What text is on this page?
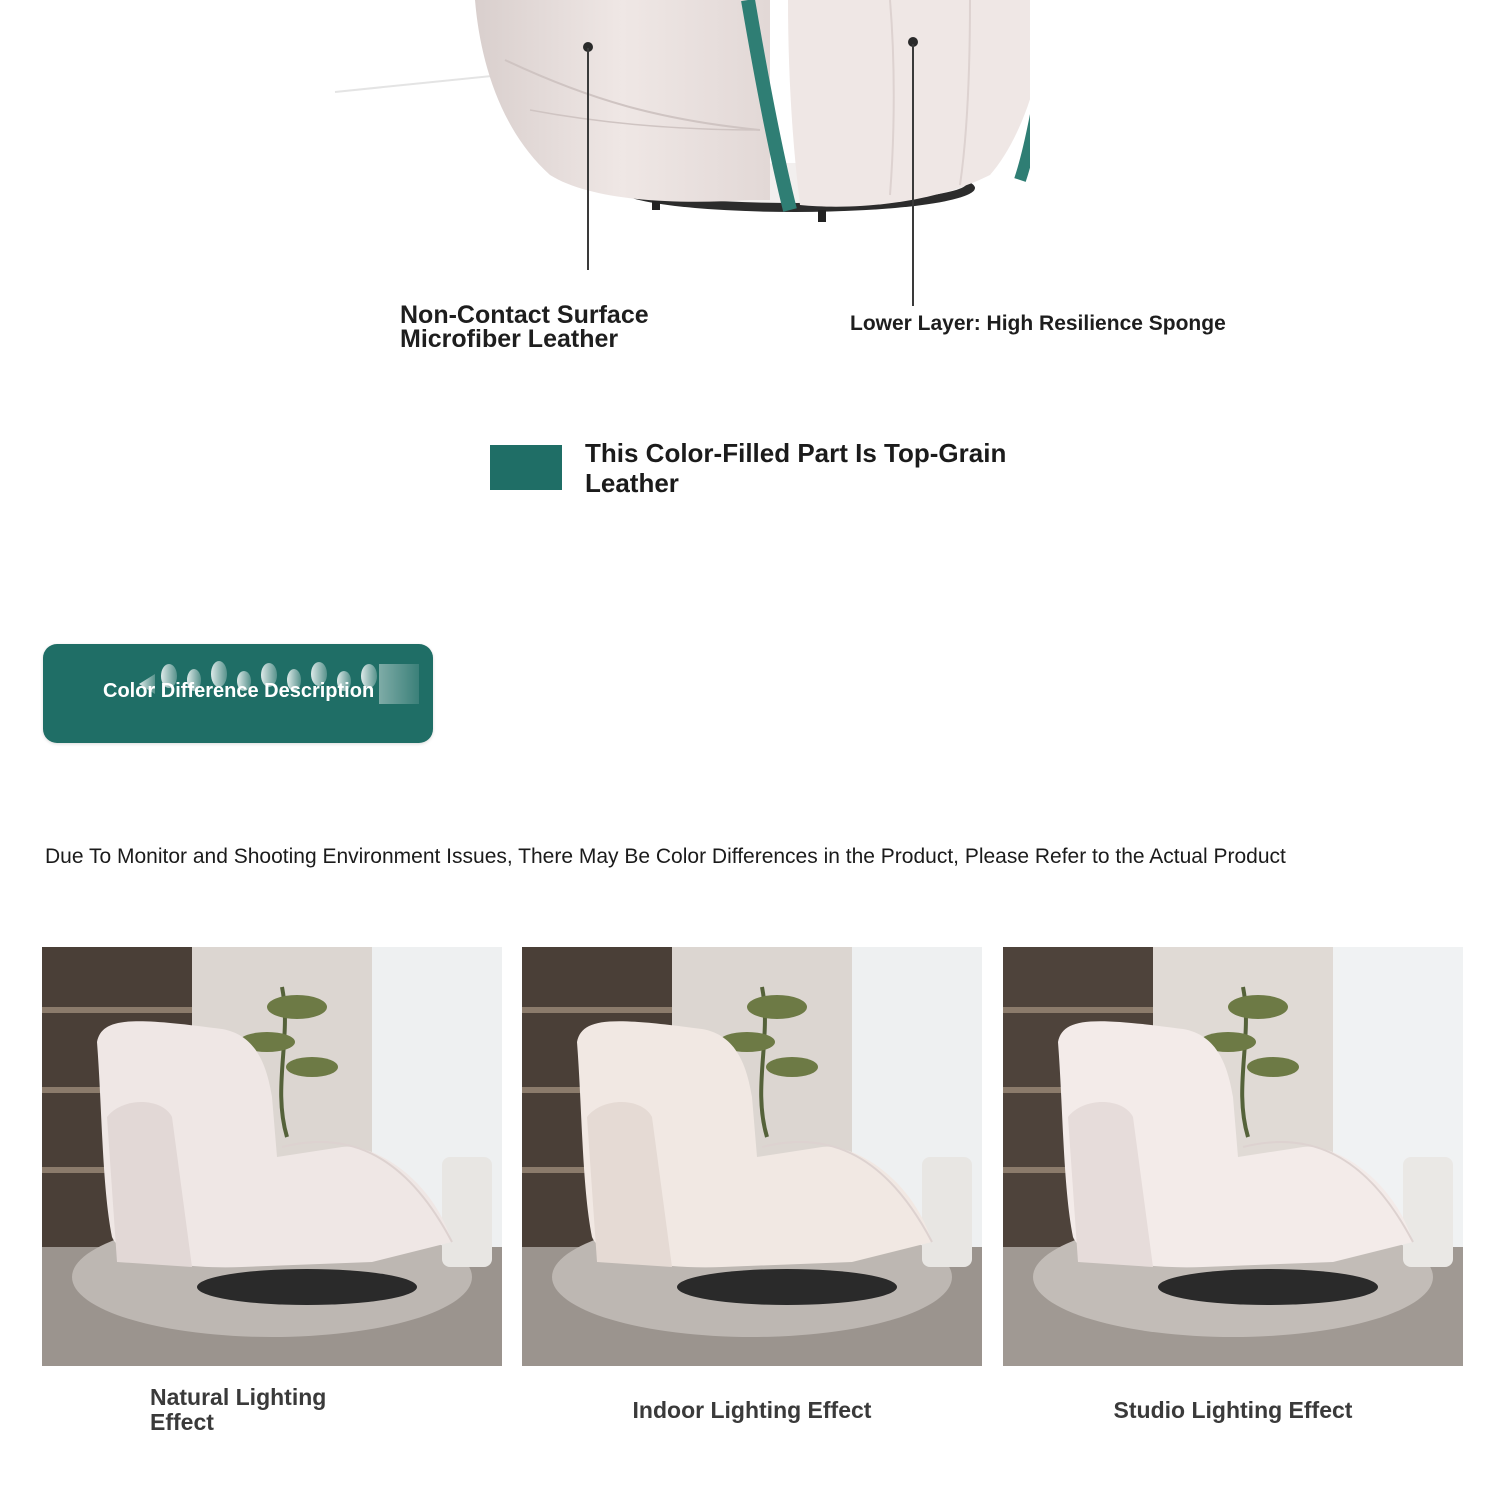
Non-Contact Surface Microfiber Leather
Lower Layer: High Resilience Sponge
This Color-Filled Part Is Top-Grain Leather
Color Difference Description
Due To Monitor and Shooting Environment Issues, There May Be Color Differences in the Product, Please Refer to the Actual Product
Natural Lighting Effect	Indoor Lighting Effect	Studio Lighting Effect
